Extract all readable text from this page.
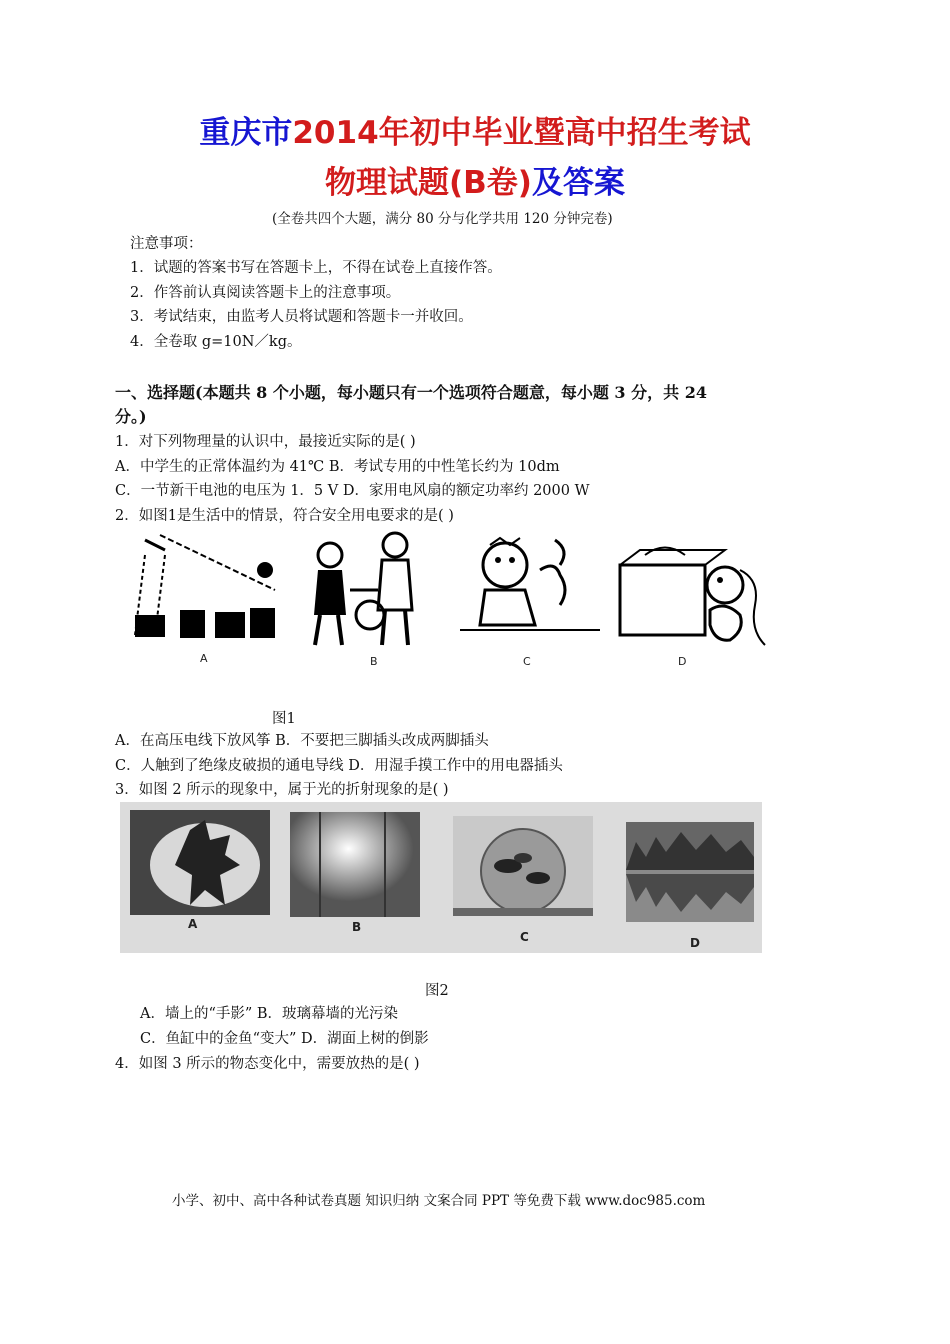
重庆市2014年初中毕业暨高中招生考试
物理试题(B卷)及答案
(全卷共四个大题，满分 80 分与化学共用 120 分钟完卷)
注意事项：
1．试题的答案书写在答题卡上，不得在试卷上直接作答。
2．作答前认真阅读答题卡上的注意事项。
3．考试结束，由监考人员将试题和答题卡一并收回。
4．全卷取 g=10N／kg。
一、选择题(本题共 8 个小题，每小题只有一个选项符合题意，每小题 3 分，共 24
分。)
1．对下列物理量的认识中，最接近实际的是( )
A．中学生的正常体温约为 41℃ B．考试专用的中性笔长约为 10dm
C．一节新干电池的电压为 1．5 V D．家用电风扇的额定功率约 2000 W
2．如图1是生活中的情景，符合安全用电要求的是( )
A	B	C	D
图1
A．在高压电线下放风筝 B．不要把三脚插头改成两脚插头
C．人触到了绝缘皮破损的通电导线 D．用湿手摸工作中的用电器插头
3．如图 2 所示的现象中，属于光的折射现象的是( )
A	B
C	D
图2
A．墙上的“手影” B．玻璃幕墙的光污染
C．鱼缸中的金鱼“变大” D．湖面上树的倒影
4．如图 3 所示的物态变化中，需要放热的是( )
小学、初中、高中各种试卷真题 知识归纳 文案合同 PPT 等免费下载 www.doc985.com
